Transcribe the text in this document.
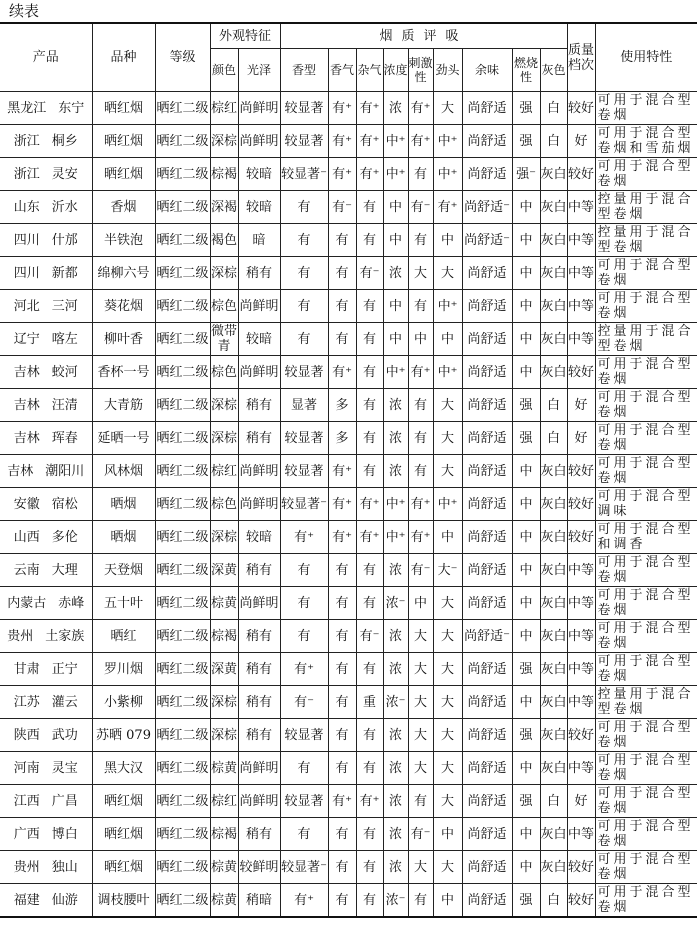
续表
产品	品种	等级	外观特征		烟质评吸									质量档次	使用特性
			颜色	光泽	香型	香气	杂气	浓度	刺激性	劲头	余味	燃烧性	灰色		
黑龙江 东宁	晒红烟	晒红二级	棕红	尚鲜明	较显著	有⁺	有⁺	浓	有⁺	大	尚舒适	强	白	较好	可用于混合型卷烟
浙江 桐乡	晒红烟	晒红二级	深棕	尚鲜明	较显著	有⁺	有⁺	中⁺	有⁺	中⁺	尚舒适	强	白	好	可用于混合型卷烟和雪茄烟
浙江 灵安	晒红烟	晒红二级	棕褐	较暗	较显著⁻	有⁺	有⁺	中⁺	有	中⁺	尚舒适	强⁻	灰白	较好	可用于混合型卷烟
山东 沂水	香烟	晒红二级	深褐	较暗	有	有⁻	有	中	有⁻	有⁺	尚舒适⁻	中	灰白	中等	控量用于混合型卷烟
四川 什邡	半铁泡	晒红二级	褐色	暗	有	有	有	中	有	中	尚舒适⁻	中	灰白	中等	控量用于混合型卷烟
四川 新都	绵柳六号	晒红二级	深棕	稍有	有	有	有⁻	浓	大	大	尚舒适	中	灰白	中等	可用于混合型卷烟
河北 三河	葵花烟	晒红二级	棕色	尚鲜明	有	有	有	中	有	中⁺	尚舒适	中	灰白	中等	可用于混合型卷烟
辽宁 喀左	柳叶香	晒红二级	微带青	较暗	有	有	有	中	中	中	尚舒适	中	灰白	中等	控量用于混合型卷烟
吉林 蛟河	香杯一号	晒红二级	棕色	尚鲜明	较显著	有⁺	有	中⁺	有⁺	中⁺	尚舒适	中	灰白	较好	可用于混合型卷烟
吉林 汪清	大青筋	晒红二级	深棕	稍有	显著	多	有	浓	有	大	尚舒适	强	白	好	可用于混合型卷烟
吉林 珲春	延晒一号	晒红二级	深棕	稍有	较显著	多	有	浓	有	大	尚舒适	强	白	好	可用于混合型卷烟
吉林 潮阳川	风林烟	晒红二级	棕红	尚鲜明	较显著	有⁺	有	浓	有	大	尚舒适	中	灰白	较好	可用于混合型卷烟
安徽 宿松	晒烟	晒红二级	棕色	尚鲜明	较显著⁻	有⁺	有⁺	中⁺	有⁺	中⁺	尚舒适	中	灰白	较好	可用于混合型调味
山西 多伦	晒烟	晒红二级	深棕	较暗	有⁺	有⁺	有⁺	中⁺	有⁺	中	尚舒适	中	灰白	较好	可用于混合型和调香
云南 大理	天登烟	晒红二级	深黄	稍有	有	有	有	浓	有⁻	大⁻	尚舒适	中	灰白	中等	可用于混合型卷烟
内蒙古 赤峰	五十叶	晒红二级	棕黄	尚鲜明	有	有	有	浓⁻	中	大	尚舒适	中	灰白	中等	可用于混合型卷烟
贵州 土家族	晒红	晒红二级	棕褐	稍有	有	有	有⁻	浓	大	大	尚舒适⁻	中	灰白	中等	可用于混合型卷烟
甘肃 正宁	罗川烟	晒红二级	深黄	稍有	有⁺	有	有	浓	大	大	尚舒适	强	灰白	中等	可用于混合型卷烟
江苏 灌云	小紫柳	晒红二级	深棕	稍有	有⁻	有	重	浓⁻	大	大	尚舒适	中	灰白	中等	控量用于混合型卷烟
陕西 武功	苏晒 079	晒红二级	深棕	稍有	较显著	有	有	浓	大	大	尚舒适	强	灰白	较好	可用于混合型卷烟
河南 灵宝	黑大汉	晒红二级	棕黄	尚鲜明	有	有	有	浓	大	大	尚舒适	中	灰白	中等	可用于混合型卷烟
江西 广昌	晒红烟	晒红二级	棕红	尚鲜明	较显著	有⁺	有⁺	浓	有	大	尚舒适	强	白	好	可用于混合型卷烟
广西 博白	晒红烟	晒红二级	棕褐	稍有	有	有	有	浓	有⁻	中	尚舒适	中	灰白	中等	可用于混合型卷烟
贵州 独山	晒红烟	晒红二级	棕黄	较鲜明	较显著⁻	有	有	浓	大	大	尚舒适	中	灰白	较好	可用于混合型卷烟
福建 仙游	调枝腰叶	晒红二级	棕黄	稍暗	有⁺	有	有	浓⁻	有	中	尚舒适	强	白	较好	可用于混合型卷烟
